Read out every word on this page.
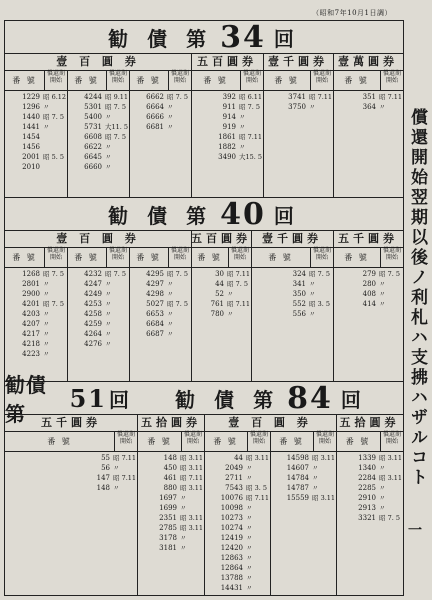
（昭和7年10月1日調）
償還開始翌期以後ノ利札ハ支拂ハザルコト
一
勧 債 第 34 回
壹 百 圓 券
番 號
償還期開始
1229 昭 6.12
1296 〃
1440 昭 7. 5
1441 〃
1454
1456
2001 昭 5. 5
2010
番 號
償還期開始
4244 昭 9.11
5301 昭 7. 5
5400 〃
5731 大11. 5
6608 昭 7. 5
6622 〃
6645 〃
6660 〃
番 號
償還期開始
6662 昭 7. 5
6664 〃
6666 〃
6681 〃
五百圓券
番 號
償還期開始
392 昭 6.11
911 昭 7. 5
914 〃
919 〃
1861 昭 7.11
1882 〃
3490 大15. 5
壹千圓券
番 號
償還期開始
3741 昭 7.11
3750 〃
壹萬圓券
番 號
償還期開始
351 昭 7.11
364 〃
勧 債 第 40 回
壹 百 圓 券
番 號
償還期開始
1268 昭 7. 5
2801 〃
2900 〃
4201 昭 7. 5
4203 〃
4207 〃
4217 〃
4218 〃
4223 〃
番 號
償還期開始
4232 昭 7. 5
4247 〃
4249 〃
4253 〃
4258 〃
4259 〃
4264 〃
4276 〃
番 號
償還期開始
4295 昭 7. 5
4297 〃
4298 〃
5027 昭 7. 5
6653 〃
6684 〃
6687 〃
五百圓券
番 號
償還期開始
30 昭 7.11
44 昭 7. 5
52 〃
761 昭 7.11
780 〃
壹千圓券
番 號
償還期開始
324 昭 7. 5
341 〃
350 〃
552 昭 3. 5
556 〃
五千圓券
番 號
償還期開始
279 昭 7. 5
280 〃
408 〃
414 〃
勧債第
51 回 勧 債 第 84 回
五千圓券
番 號
償還期開始
55 昭 7.11
56 〃
147 昭 7.11
148 〃
五拾圓券
番 號
償還期開始
148 昭 3.11
450 昭 3.11
461 昭 7.11
880 昭 3.11
1697 〃
1699 〃
2351 昭 3.11
2785 昭 3.11
3178 〃
3181 〃
壹 百 圓 券
番 號
償還期開始
44 昭 3.11
2049 〃
2711 〃
7543 昭 3. 5
10076 昭 7.11
10098 〃
10273 〃
10274 〃
12419 〃
12420 〃
12863 〃
12864 〃
13788 〃
14431 〃
番 號
償還期開始
14598 昭 3.11
14607 〃
14784 〃
14787 〃
15559 昭 3.11
五拾圓券
番 號
償還期開始
1339 昭 3.11
1340 〃
2284 昭 3.11
2285 〃
2910 〃
2913 〃
3321 昭 7. 5
